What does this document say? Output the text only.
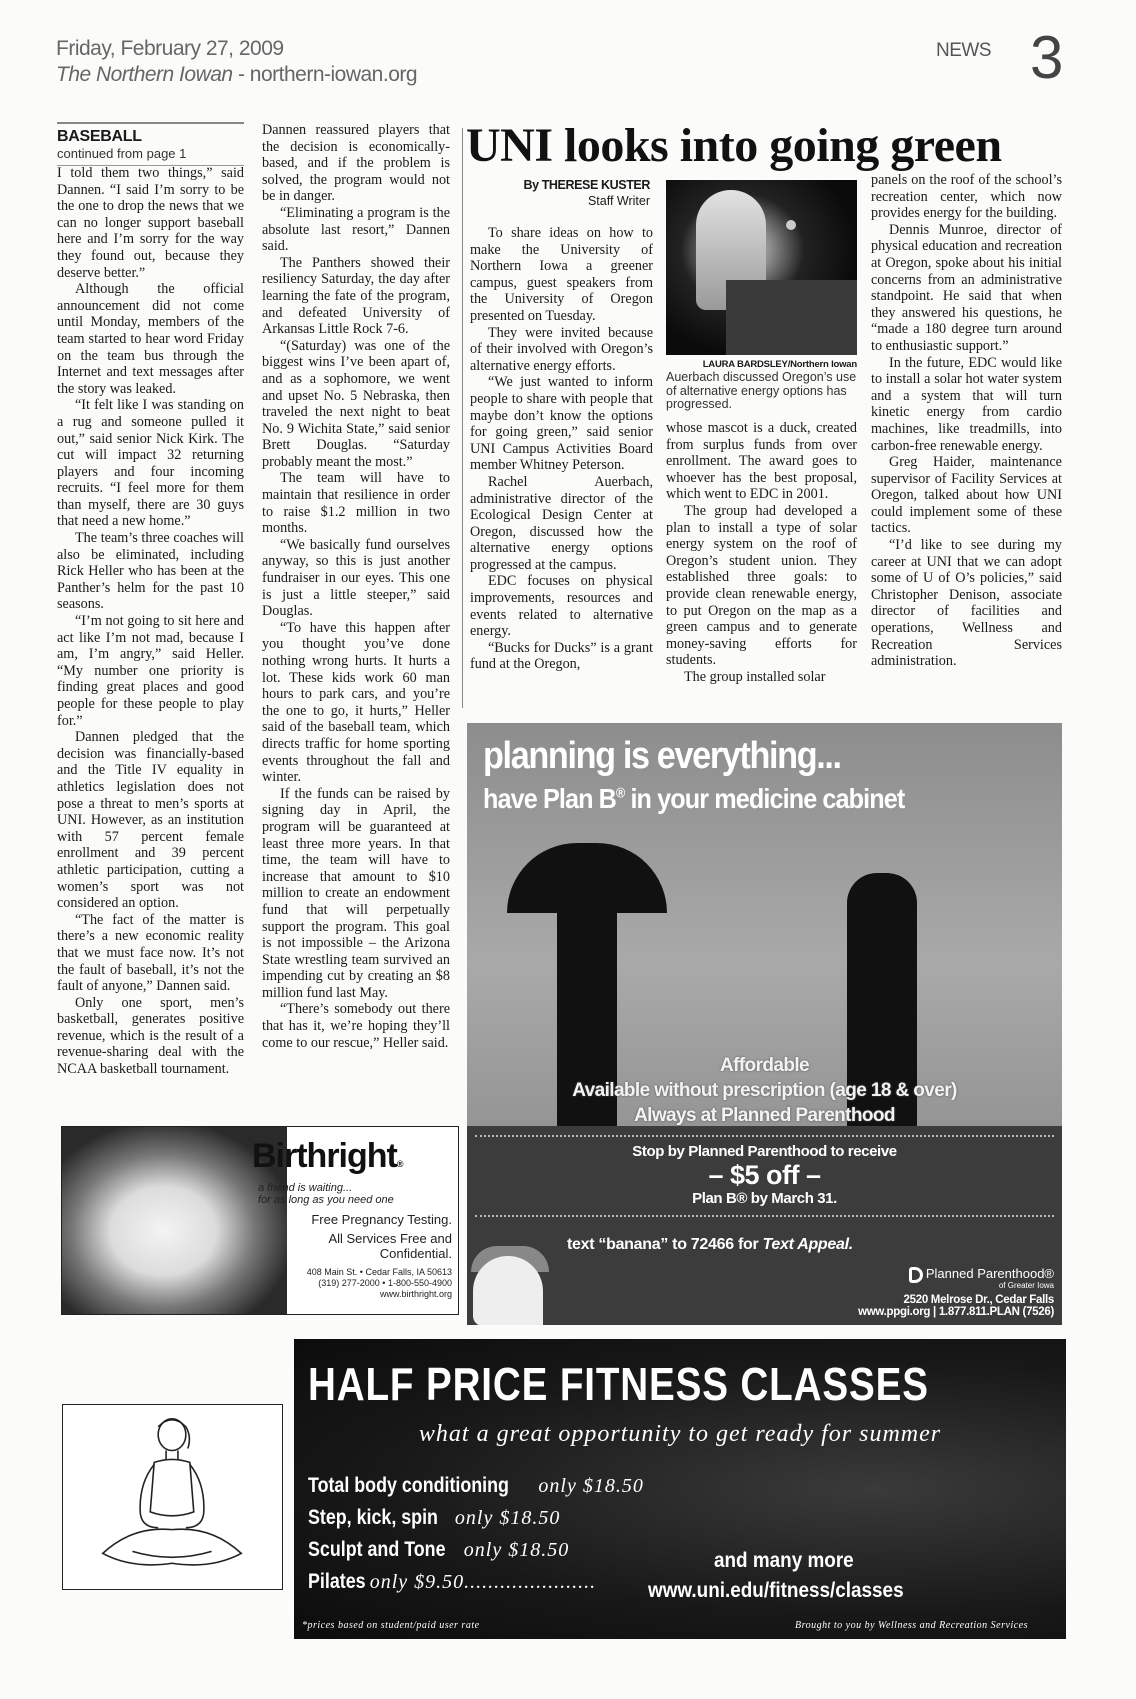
Friday, February 27, 2009
The Northern Iowan - northern-iowan.org
NEWS 3
BASEBALL
continued from page 1

I told them two things,” said Dannen. “I said I’m sorry to be the one to drop the news that we can no longer support baseball here and I’m sorry for the way they found out, because they deserve better.”

Although the official announcement did not come until Monday, members of the team started to hear word Friday on the team bus through the Internet and text messages after the story was leaked.

“It felt like I was standing on a rug and someone pulled it out,” said senior Nick Kirk. The cut will impact 32 returning players and four incoming recruits. “I feel more for them than myself, there are 30 guys that need a new home.”

The team’s three coaches will also be eliminated, including Rick Heller who has been at the Panther’s helm for the past 10 seasons.

“I’m not going to sit here and act like I’m not mad, because I am, I’m angry,” said Heller. “My number one priority is finding great places and good people for these people to play for.”

Dannen pledged that the decision was financially-based and the Title IV equality in athletics legislation does not pose a threat to men’s sports at UNI. However, as an institution with 57 percent female enrollment and 39 percent athletic participation, cutting a women’s sport was not considered an option.

“The fact of the matter is there’s a new economic reality that we must face now. It’s not the fault of baseball, it’s not the fault of anyone,” Dannen said.

Only one sport, men’s basketball, generates positive revenue, which is the result of a revenue-sharing deal with the NCAA basketball tournament.

Dannen reassured players that the decision is economically-based, and if the problem is solved, the program would not be in danger.

“Eliminating a program is the absolute last resort,” Dannen said.

The Panthers showed their resiliency Saturday, the day after learning the fate of the program, and defeated University of Arkansas Little Rock 7-6.

“(Saturday) was one of the biggest wins I’ve been apart of, and as a sophomore, we went and upset No. 5 Nebraska, then traveled the next night to beat No. 9 Wichita State,” said senior Brett Douglas. “Saturday probably meant the most.”

The team will have to maintain that resilience in order to raise $1.2 million in two months.

“We basically fund ourselves anyway, so this is just another fundraiser in our eyes. This one is just a little steeper,” said Douglas.

“To have this happen after you thought you’ve done nothing wrong hurts. It hurts a lot. These kids work 60 man hours to park cars, and you’re the one to go, it hurts,” Heller said of the baseball team, which directs traffic for home sporting events throughout the fall and winter.

If the funds can be raised by signing day in April, the program will be guaranteed at least three more years. In that time, the team will have to increase that amount to $10 million to create an endowment fund that will perpetually support the program. This goal is not impossible – the Arizona State wrestling team survived an impending cut by creating an $8 million fund last May.

“There’s somebody out there that has it, we’re hoping they’ll come to our rescue,” Heller said.

UNI looks into going green
By THERESE KUSTER
Staff Writer

To share ideas on how to make the University of Northern Iowa a greener campus, guest speakers from the University of Oregon presented on Tuesday.

They were invited because of their involved with Oregon’s alternative energy efforts.

“We just wanted to inform people to share with people that maybe don’t know the options for going green,” said senior UNI Campus Activities Board member Whitney Peterson.

Rachel Auerbach, administrative director of the Ecological Design Center at Oregon, discussed how the alternative energy options progressed at the campus.

EDC focuses on physical improvements, resources and events related to alternative energy.

“Bucks for Ducks” is a grant fund at the Oregon,

LAURA BARDSLEY/Northern Iowan
Auerbach discussed Oregon’s use of alternative energy options has progressed.

whose mascot is a duck, created from surplus funds from over enrollment. The award goes to whoever has the best proposal, which went to EDC in 2001.

The group had developed a plan to install a type of solar energy system on the roof of Oregon’s student union. They established three goals: to provide clean renewable energy, to put Oregon on the map as a green campus and to generate money-saving efforts for students.

The group installed solar

panels on the roof of the school’s recreation center, which now provides energy for the building.

Dennis Munroe, director of physical education and recreation at Oregon, spoke about his initial concerns from an administrative standpoint. He said that when they answered his questions, he “made a 180 degree turn around to enthusiastic support.”

In the future, EDC would like to install a solar hot water system and a system that will turn kinetic energy from cardio machines, like treadmills, into carbon-free renewable energy.

Greg Haider, maintenance supervisor of Facility Services at Oregon, talked about how UNI could implement some of these tactics.

“I’d like to see during my career at UNI that we can adopt some of U of O’s policies,” said Christopher Denison, associate director of facilities and operations, Wellness and Recreation Services administration.

planning is everything...
have Plan B® in your medicine cabinet
Affordable
Available without prescription (age 18 & over)
Always at Planned Parenthood
Stop by Planned Parenthood to receive
– $5 off –
Plan B® by March 31.
text “banana” to 72466 for Text Appeal.
Planned Parenthood®
of Greater Iowa
2520 Melrose Dr., Cedar Falls
www.ppgi.org | 1.877.811.PLAN (7526)
Birthright®
a friend is waiting...
for as long as you need one
Free Pregnancy Testing.
All Services Free and
Confidential.
408 Main St. • Cedar Falls, IA 50613
(319) 277-2000 • 1-800-550-4900
www.birthright.org
HALF PRICE FITNESS CLASSES
what a great opportunity to get ready for summer
Total body conditioning only $18.50
Step, kick, spin only $18.50
Sculpt and Tone only $18.50
Pilates only $9.50......................
and many more
www.uni.edu/fitness/classes
*prices based on student/paid user rate	Brought to you by Wellness and Recreation Services
